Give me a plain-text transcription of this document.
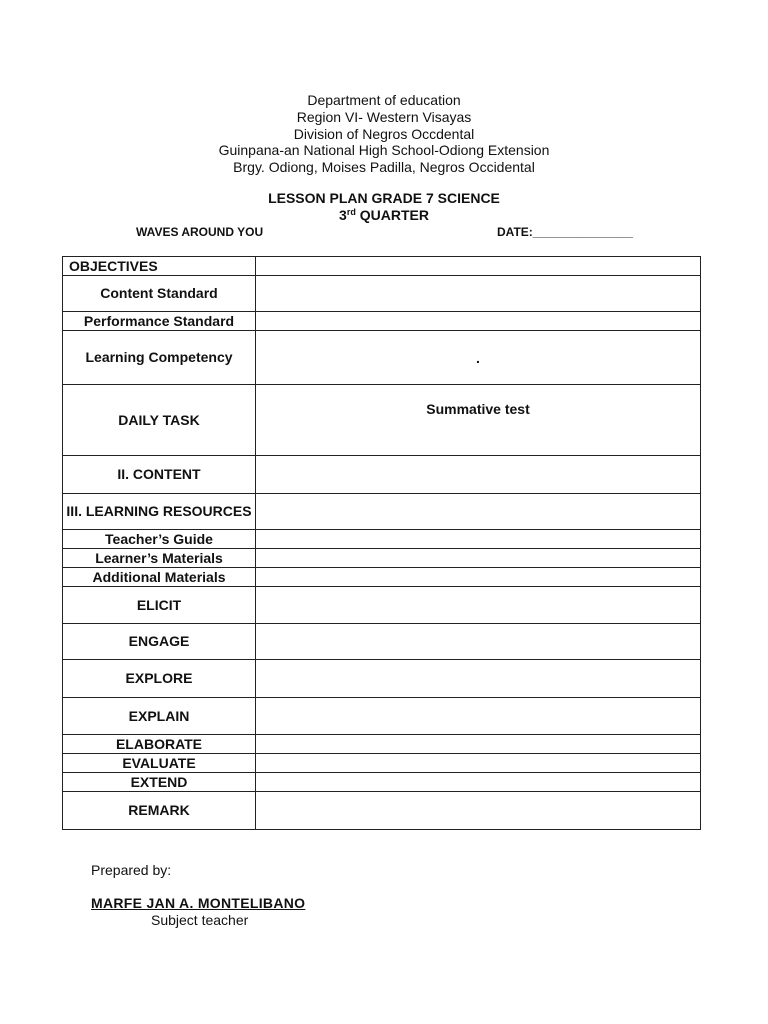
Department of education
Region VI- Western Visayas
Division of Negros Occdental
Guinpana-an National High School-Odiong Extension
Brgy. Odiong, Moises Padilla, Negros Occidental
LESSON PLAN GRADE 7 SCIENCE
3rd QUARTER
WAVES AROUND YOU	DATE:_______________
OBJECTIVES	
Content Standard	
Performance Standard	
Learning Competency	.
DAILY TASK	Summative test
II. CONTENT	
III. LEARNING RESOURCES	
Teacher’s Guide	
Learner’s Materials	
Additional Materials	
ELICIT	
ENGAGE	
EXPLORE	
EXPLAIN	
ELABORATE	
EVALUATE	
EXTEND	
REMARK	
Prepared by:
MARFE JAN A. MONTELIBANO
Subject teacher
